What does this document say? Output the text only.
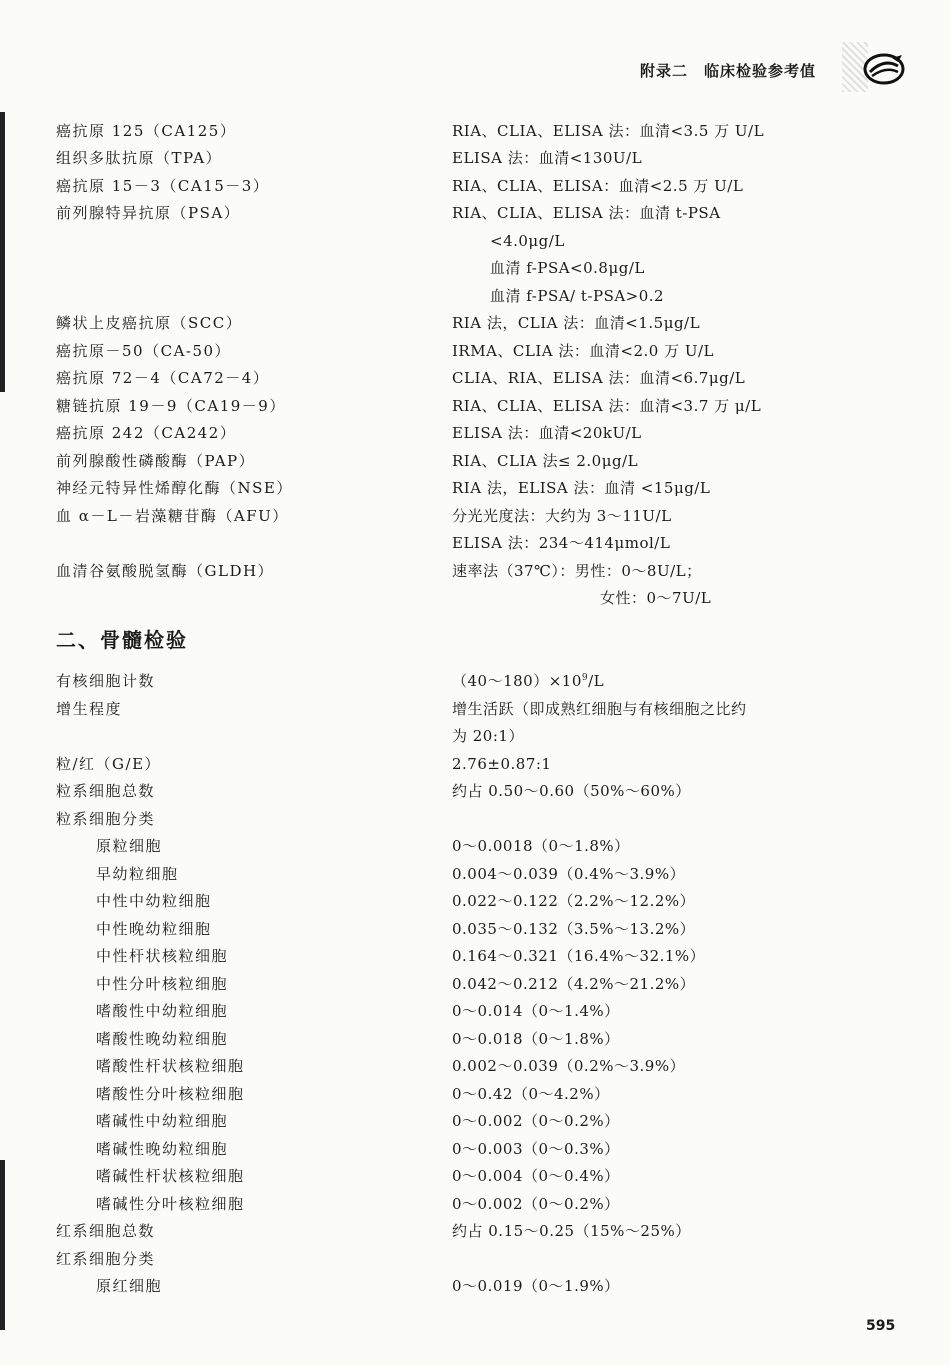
附录二 临床检验参考值
癌抗原 125（CA125）	RIA、CLIA、ELISA 法：血清<3.5 万 U/L
组织多肽抗原（TPA）	ELISA 法：血清<130U/L
癌抗原 15－3（CA15－3）	RIA、CLIA、ELISA：血清<2.5 万 U/L
前列腺特异抗原（PSA）	RIA、CLIA、ELISA 法：血清 t-PSA
<4.0μg/L
血清 f-PSA<0.8μg/L
血清 f-PSA/ t-PSA>0.2
鳞状上皮癌抗原（SCC）	RIA 法，CLIA 法：血清<1.5μg/L
癌抗原－50（CA-50）	IRMA、CLIA 法：血清<2.0 万 U/L
癌抗原 72－4（CA72－4）	CLIA、RIA、ELISA 法：血清<6.7μg/L
糖链抗原 19－9（CA19－9）	RIA、CLIA、ELISA 法：血清<3.7 万 μ/L
癌抗原 242（CA242）	ELISA 法：血清<20kU/L
前列腺酸性磷酸酶（PAP）	RIA、CLIA 法≤ 2.0μg/L
神经元特异性烯醇化酶（NSE）	RIA 法，ELISA 法：血清 <15μg/L
血 α－L－岩藻糖苷酶（AFU）	分光光度法：大约为 3～11U/L
ELISA 法：234～414μmol/L
血清谷氨酸脱氢酶（GLDH）	速率法（37℃）：男性：0～8U/L；
女性：0～7U/L
二、骨髓检验
有核细胞计数	$(40\sim 180)\times 10^9/L$
增生程度	增生活跃（即成熟红细胞与有核细胞之比约
为 20:1）
粒/红（G/E）	2.76±0.87:1
粒系细胞总数	约占 0.50～0.60（50%～60%）
粒系细胞分类
原粒细胞	0～0.0018（0～1.8%）
早幼粒细胞	0.004～0.039（0.4%～3.9%）
中性中幼粒细胞	0.022～0.122（2.2%～12.2%）
中性晚幼粒细胞	0.035～0.132（3.5%～13.2%）
中性杆状核粒细胞	0.164～0.321（16.4%～32.1%）
中性分叶核粒细胞	0.042～0.212（4.2%～21.2%）
嗜酸性中幼粒细胞	0～0.014（0～1.4%）
嗜酸性晚幼粒细胞	0～0.018（0～1.8%）
嗜酸性杆状核粒细胞	0.002～0.039（0.2%～3.9%）
嗜酸性分叶核粒细胞	0～0.42（0～4.2%）
嗜碱性中幼粒细胞	0～0.002（0～0.2%）
嗜碱性晚幼粒细胞	0～0.003（0～0.3%）
嗜碱性杆状核粒细胞	0～0.004（0～0.4%）
嗜碱性分叶核粒细胞	0～0.002（0～0.2%）
红系细胞总数	约占 0.15～0.25（15%～25%）
红系细胞分类
原红细胞	0～0.019（0～1.9%）
595
